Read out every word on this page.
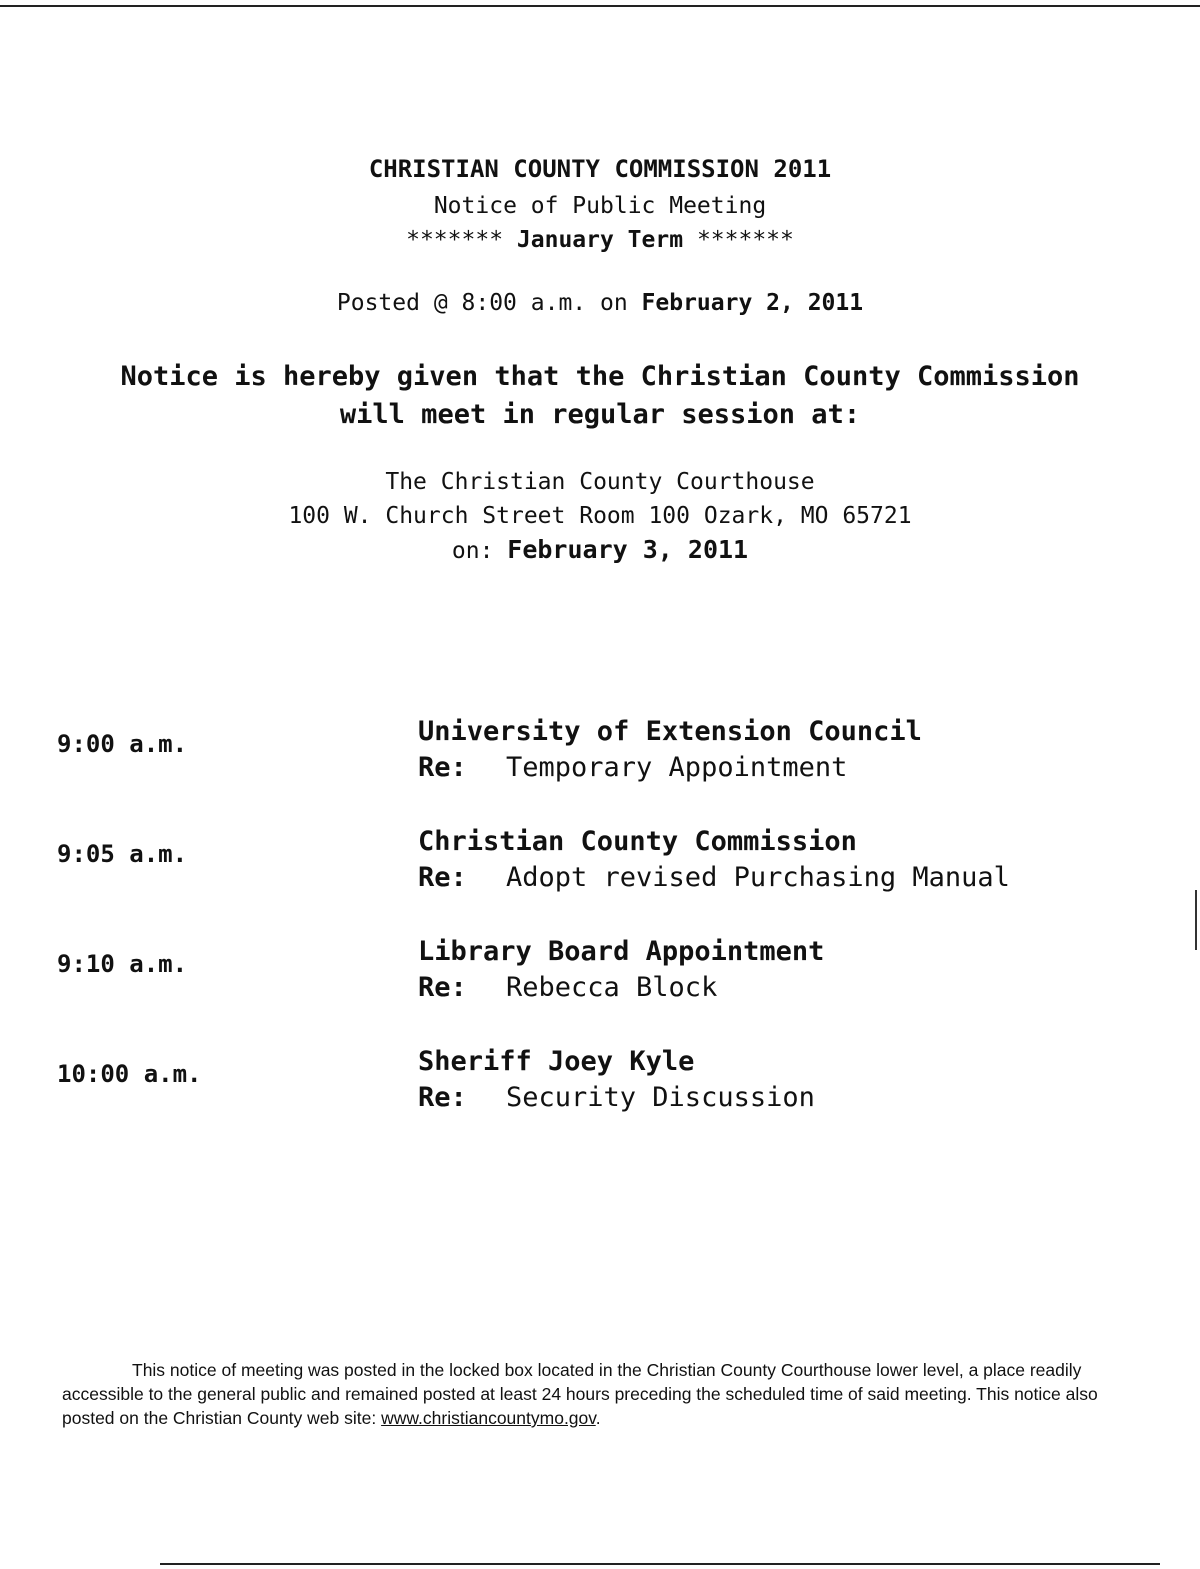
CHRISTIAN COUNTY COMMISSION 2011
Notice of Public Meeting
******* January Term *******
Posted @ 8:00 a.m. on February 2, 2011
Notice is hereby given that the Christian County Commission
will meet in regular session at:
The Christian County Courthouse
100 W. Church Street Room 100 Ozark, MO 65721
on: February 3, 2011
9:00 a.m.	University of Extension Council
Re: Temporary Appointment
9:05 a.m.	Christian County Commission
Re: Adopt revised Purchasing Manual
9:10 a.m.	Library Board Appointment
Re: Rebecca Block
10:00 a.m.	Sheriff Joey Kyle
Re: Security Discussion

This notice of meeting was posted in the locked box located in the Christian County Courthouse lower level, a place readily accessible to the general public and remained posted at least 24 hours preceding the scheduled time of said meeting. This notice also posted on the Christian County web site: www.christiancountymo.gov.
